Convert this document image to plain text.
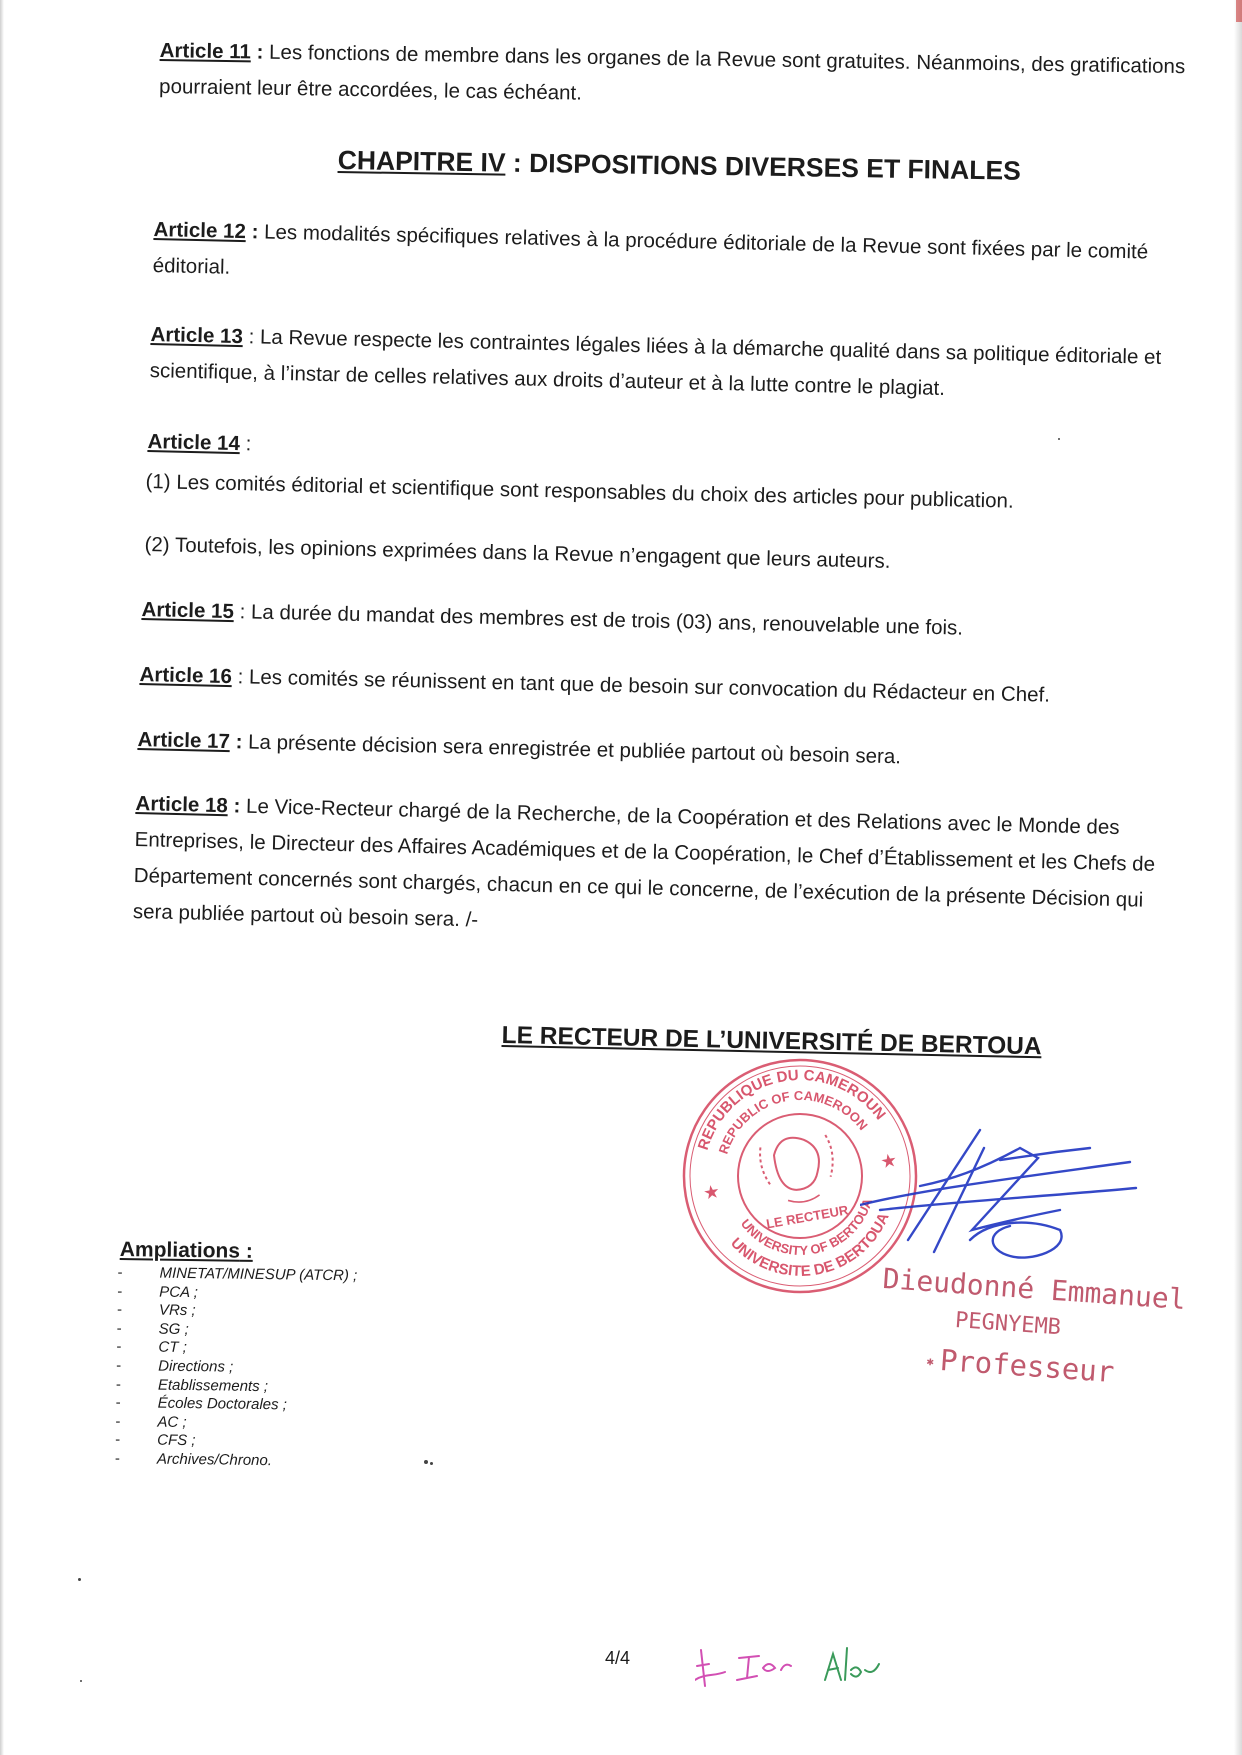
Article 11 : Les fonctions de membre dans les organes de la Revue sont gratuites. Néanmoins, des gratifications pourraient leur être accordées, le cas échéant.

CHAPITRE IV : DISPOSITIONS DIVERSES ET FINALES

Article 12 : Les modalités spécifiques relatives à la procédure éditoriale de la Revue sont fixées par le comité éditorial.

Article 13 : La Revue respecte les contraintes légales liées à la démarche qualité dans sa politique éditoriale et scientifique, à l’instar de celles relatives aux droits d’auteur et à la lutte contre le plagiat.

Article 14 :

(1) Les comités éditorial et scientifique sont responsables du choix des articles pour publication.

(2) Toutefois, les opinions exprimées dans la Revue n’engagent que leurs auteurs.

Article 15 : La durée du mandat des membres est de trois (03) ans, renouvelable une fois.

Article 16 : Les comités se réunissent en tant que de besoin sur convocation du Rédacteur en Chef.

Article 17 : La présente décision sera enregistrée et publiée partout où besoin sera.

Article 18 : Le Vice-Recteur chargé de la Recherche, de la Coopération et des Relations avec le Monde des Entreprises, le Directeur des Affaires Académiques et de la Coopération, le Chef d’Établissement et les Chefs de Département concernés sont chargés, chacun en ce qui le concerne, de l’exécution de la présente Décision qui sera publiée partout où besoin sera. /-

LE RECTEUR DE L’UNIVERSITÉ DE BERTOUA
REPUBLIQUE DU CAMEROUN
REPUBLIC OF CAMEROON
UNIVERSITY OF BERTOUA
UNIVERSITE DE BERTOUA
LE RECTEUR
★
★
Dieudonné Emmanuel
PEGNYEMB
✱ Professeur
Ampliations :
- MINETAT/MINESUP (ATCR) ;
- PCA ;
- VRs ;
- SG ;
- CT ;
- Directions ;
- Etablissements ;
- Écoles Doctorales ;
- AC ;
- CFS ;
- Archives/Chrono.
4/4
